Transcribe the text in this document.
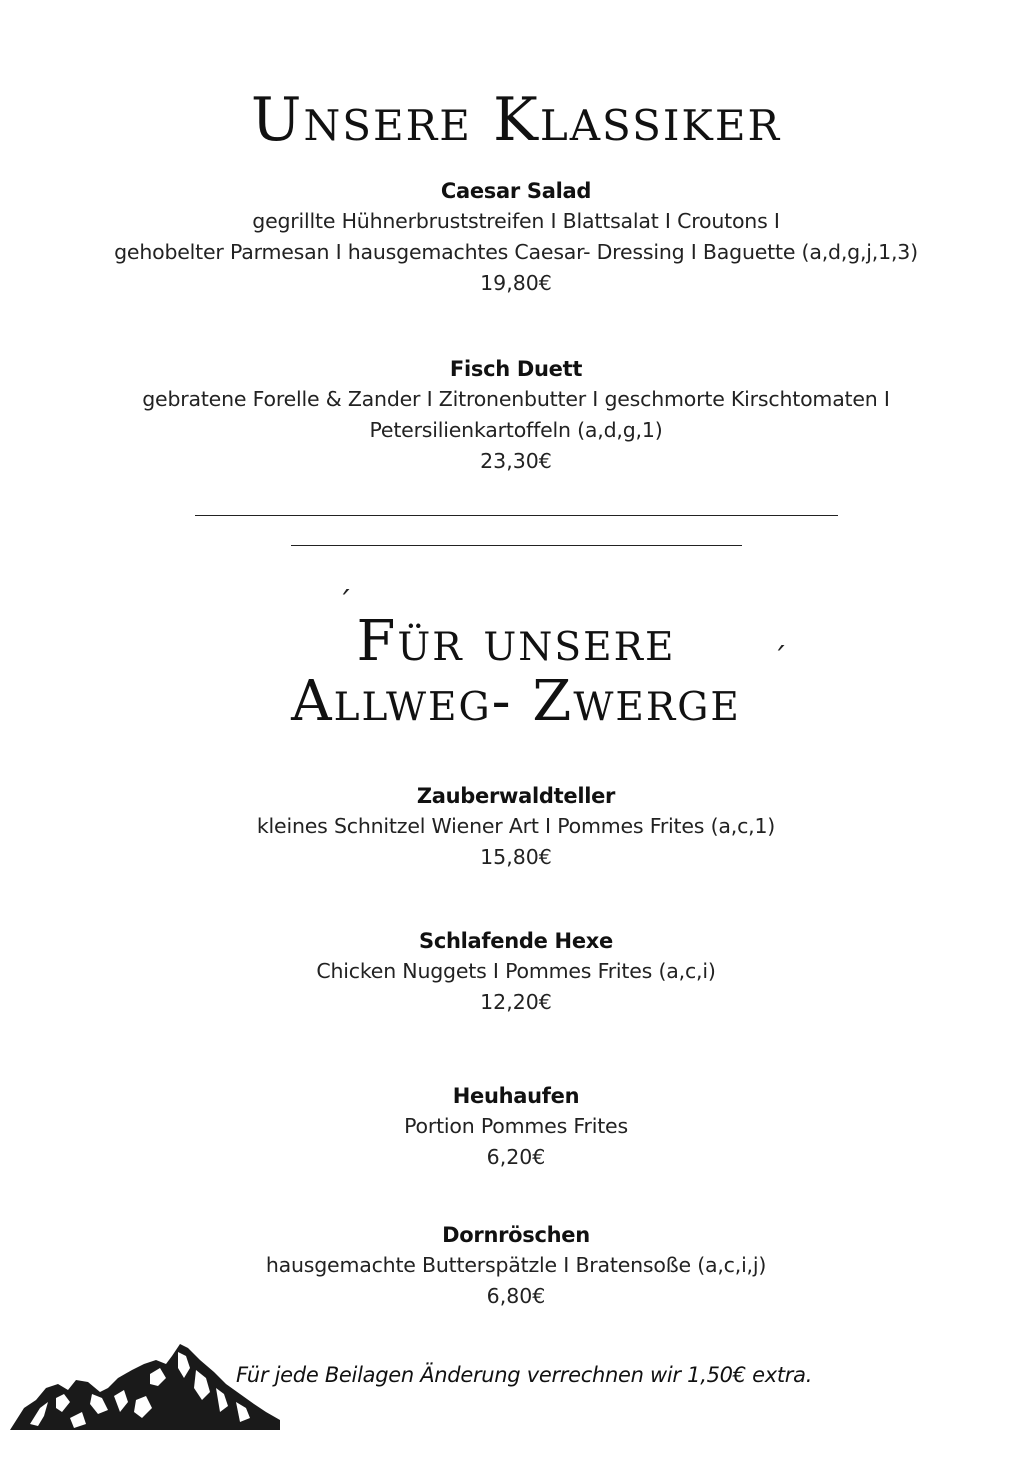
Unsere Klassiker
Caesar Salad
gegrillte Hühnerbruststreifen I Blattsalat I Croutons I
gehobelter Parmesan I hausgemachtes Caesar- Dressing I Baguette (a,d,g,j,1,3)
19,80€
Fisch Duett
gebratene Forelle & Zander I Zitronenbutter I geschmorte Kirschtomaten I
Petersilienkartoffeln (a,d,g,1)
23,30€
´
Für unsere
Allweg- Zwerge
´
Zauberwaldteller
kleines Schnitzel Wiener Art I Pommes Frites (a,c,1)
15,80€
Schlafende Hexe
Chicken Nuggets I Pommes Frites (a,c,i)
12,20€
Heuhaufen
Portion Pommes Frites
6,20€
Dornröschen
hausgemachte Butterspätzle I Bratensoße (a,c,i,j)
6,80€
Für jede Beilagen Änderung verrechnen wir 1,50€ extra.
